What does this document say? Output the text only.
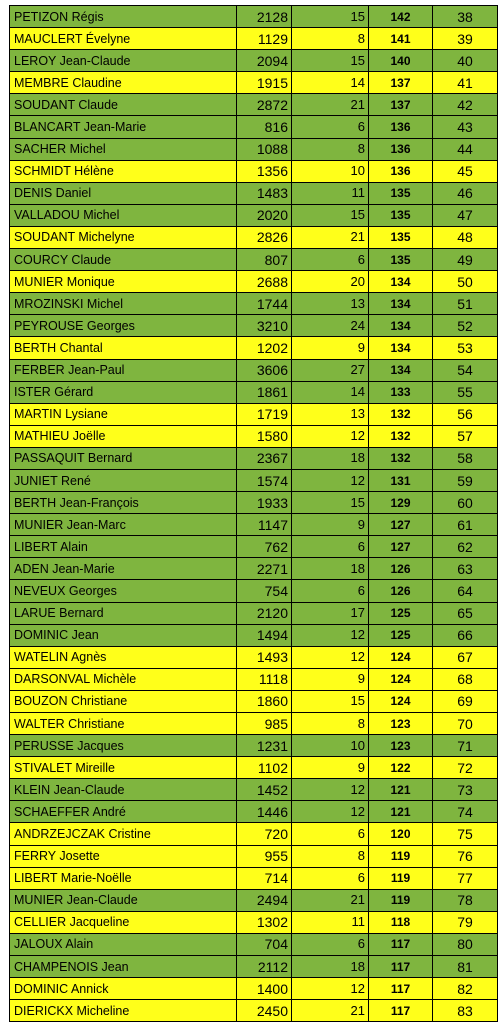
PETIZON Régis	2128	15	142	38
MAUCLERT Évelyne	1129	8	141	39
LEROY Jean-Claude	2094	15	140	40
MEMBRE Claudine	1915	14	137	41
SOUDANT Claude	2872	21	137	42
BLANCART Jean-Marie	816	6	136	43
SACHER Michel	1088	8	136	44
SCHMIDT Hélène	1356	10	136	45
DENIS Daniel	1483	11	135	46
VALLADOU Michel	2020	15	135	47
SOUDANT Michelyne	2826	21	135	48
COURCY Claude	807	6	135	49
MUNIER Monique	2688	20	134	50
MROZINSKI Michel	1744	13	134	51
PEYROUSE Georges	3210	24	134	52
BERTH Chantal	1202	9	134	53
FERBER Jean-Paul	3606	27	134	54
ISTER Gérard	1861	14	133	55
MARTIN Lysiane	1719	13	132	56
MATHIEU Joëlle	1580	12	132	57
PASSAQUIT Bernard	2367	18	132	58
JUNIET René	1574	12	131	59
BERTH Jean-François	1933	15	129	60
MUNIER Jean-Marc	1147	9	127	61
LIBERT Alain	762	6	127	62
ADEN Jean-Marie	2271	18	126	63
NEVEUX Georges	754	6	126	64
LARUE Bernard	2120	17	125	65
DOMINIC Jean	1494	12	125	66
WATELIN Agnès	1493	12	124	67
DARSONVAL Michèle	1118	9	124	68
BOUZON Christiane	1860	15	124	69
WALTER Christiane	985	8	123	70
PERUSSE Jacques	1231	10	123	71
STIVALET Mireille	1102	9	122	72
KLEIN Jean-Claude	1452	12	121	73
SCHAEFFER André	1446	12	121	74
ANDRZEJCZAK Cristine	720	6	120	75
FERRY Josette	955	8	119	76
LIBERT Marie-Noëlle	714	6	119	77
MUNIER Jean-Claude	2494	21	119	78
CELLIER Jacqueline	1302	11	118	79
JALOUX Alain	704	6	117	80
CHAMPENOIS Jean	2112	18	117	81
DOMINIC Annick	1400	12	117	82
DIERICKX Micheline	2450	21	117	83
